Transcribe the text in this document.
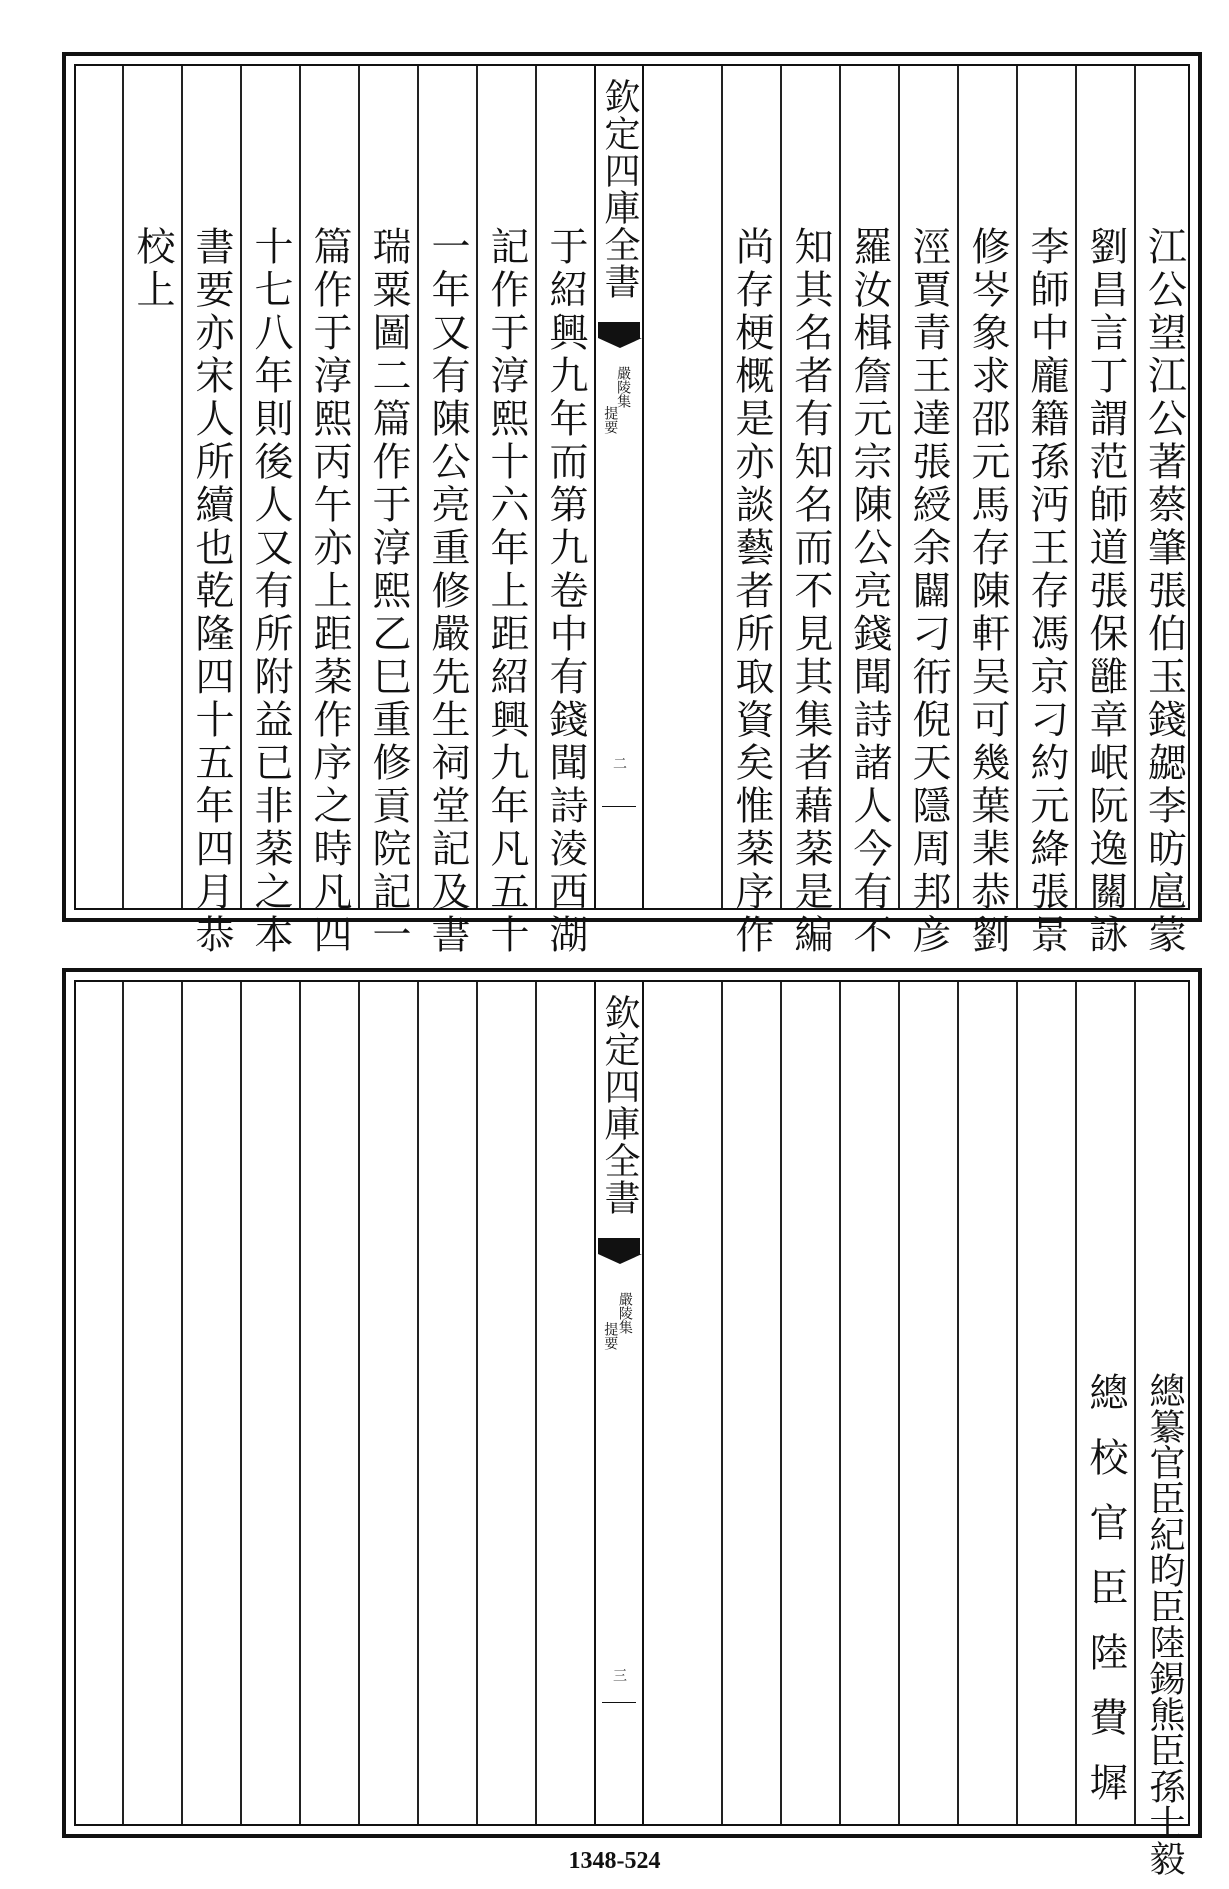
江公望江公著蔡肇張伯玉錢勰李昉扈蒙
劉昌言丁謂范師道張保雝章岷阮逸關詠
李師中龐籍孫沔王存馮京刁約元絳張景
修岑象求邵元馬存陳軒吴可幾葉棐恭劉
涇賈青王達張綬余闢刁衎倪天隱周邦彦
羅汝楫詹元宗陳公亮錢聞詩諸人今有不
知其名者有知名而不見其集者藉棻是編
尚存梗概是亦談藝者所取資矣惟棻序作
欽定四庫全書
嚴陵集
提要
二
于紹興九年而第九卷中有錢聞詩淩西湖
記作于淳熙十六年上距紹興九年凡五十
一年又有陳公亮重修嚴先生祠堂記及書
瑞粟圖二篇作于淳熙乙巳重修貢院記一
篇作于淳熙丙午亦上距棻作序之時凡四
十七八年則後人又有所附益已非棻之本
書要亦宋人所續也乾隆四十五年四月恭
校上
總纂官臣紀昀臣陸錫熊臣孫士毅
總校官臣陸費墀
欽定四庫全書
嚴陵集
提要
三
1348-524
